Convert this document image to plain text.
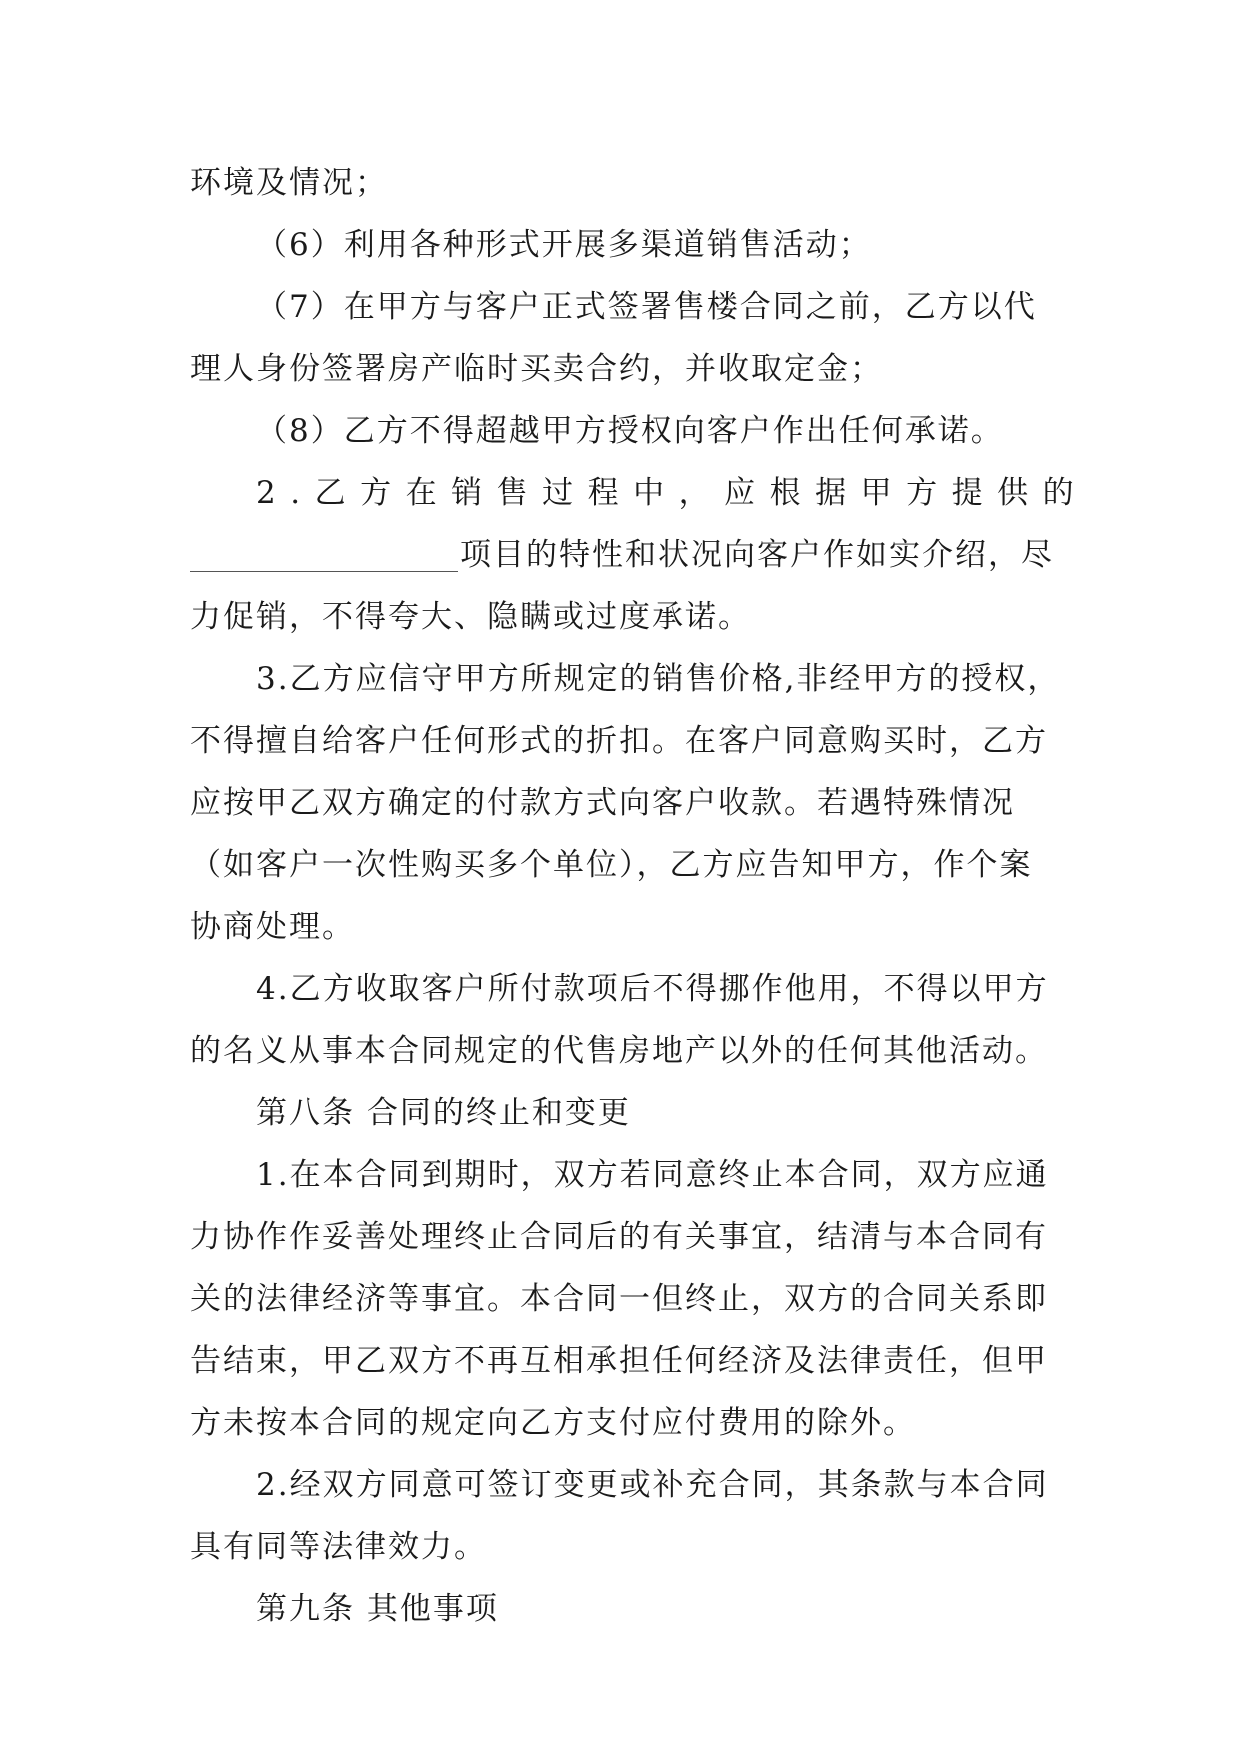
环境及情况；
（6）利用各种形式开展多渠道销售活动；
（7）在甲方与客户正式签署售楼合同之前，乙方以代
理人身份签署房产临时买卖合约，并收取定金；
（8）乙方不得超越甲方授权向客户作出任何承诺。
2.乙方在销售过程中，应根据甲方提供的
项目的特性和状况向客户作如实介绍，尽
力促销，不得夸大、隐瞒或过度承诺。
3.乙方应信守甲方所规定的销售价格,非经甲方的授权，
不得擅自给客户任何形式的折扣。在客户同意购买时，乙方
应按甲乙双方确定的付款方式向客户收款。若遇特殊情况
（如客户一次性购买多个单位），乙方应告知甲方，作个案
协商处理。
4.乙方收取客户所付款项后不得挪作他用，不得以甲方
的名义从事本合同规定的代售房地产以外的任何其他活动。
第八条 合同的终止和变更
1.在本合同到期时，双方若同意终止本合同，双方应通
力协作作妥善处理终止合同后的有关事宜，结清与本合同有
关的法律经济等事宜。本合同一但终止，双方的合同关系即
告结束，甲乙双方不再互相承担任何经济及法律责任，但甲
方未按本合同的规定向乙方支付应付费用的除外。
2.经双方同意可签订变更或补充合同，其条款与本合同
具有同等法律效力。
第九条 其他事项
